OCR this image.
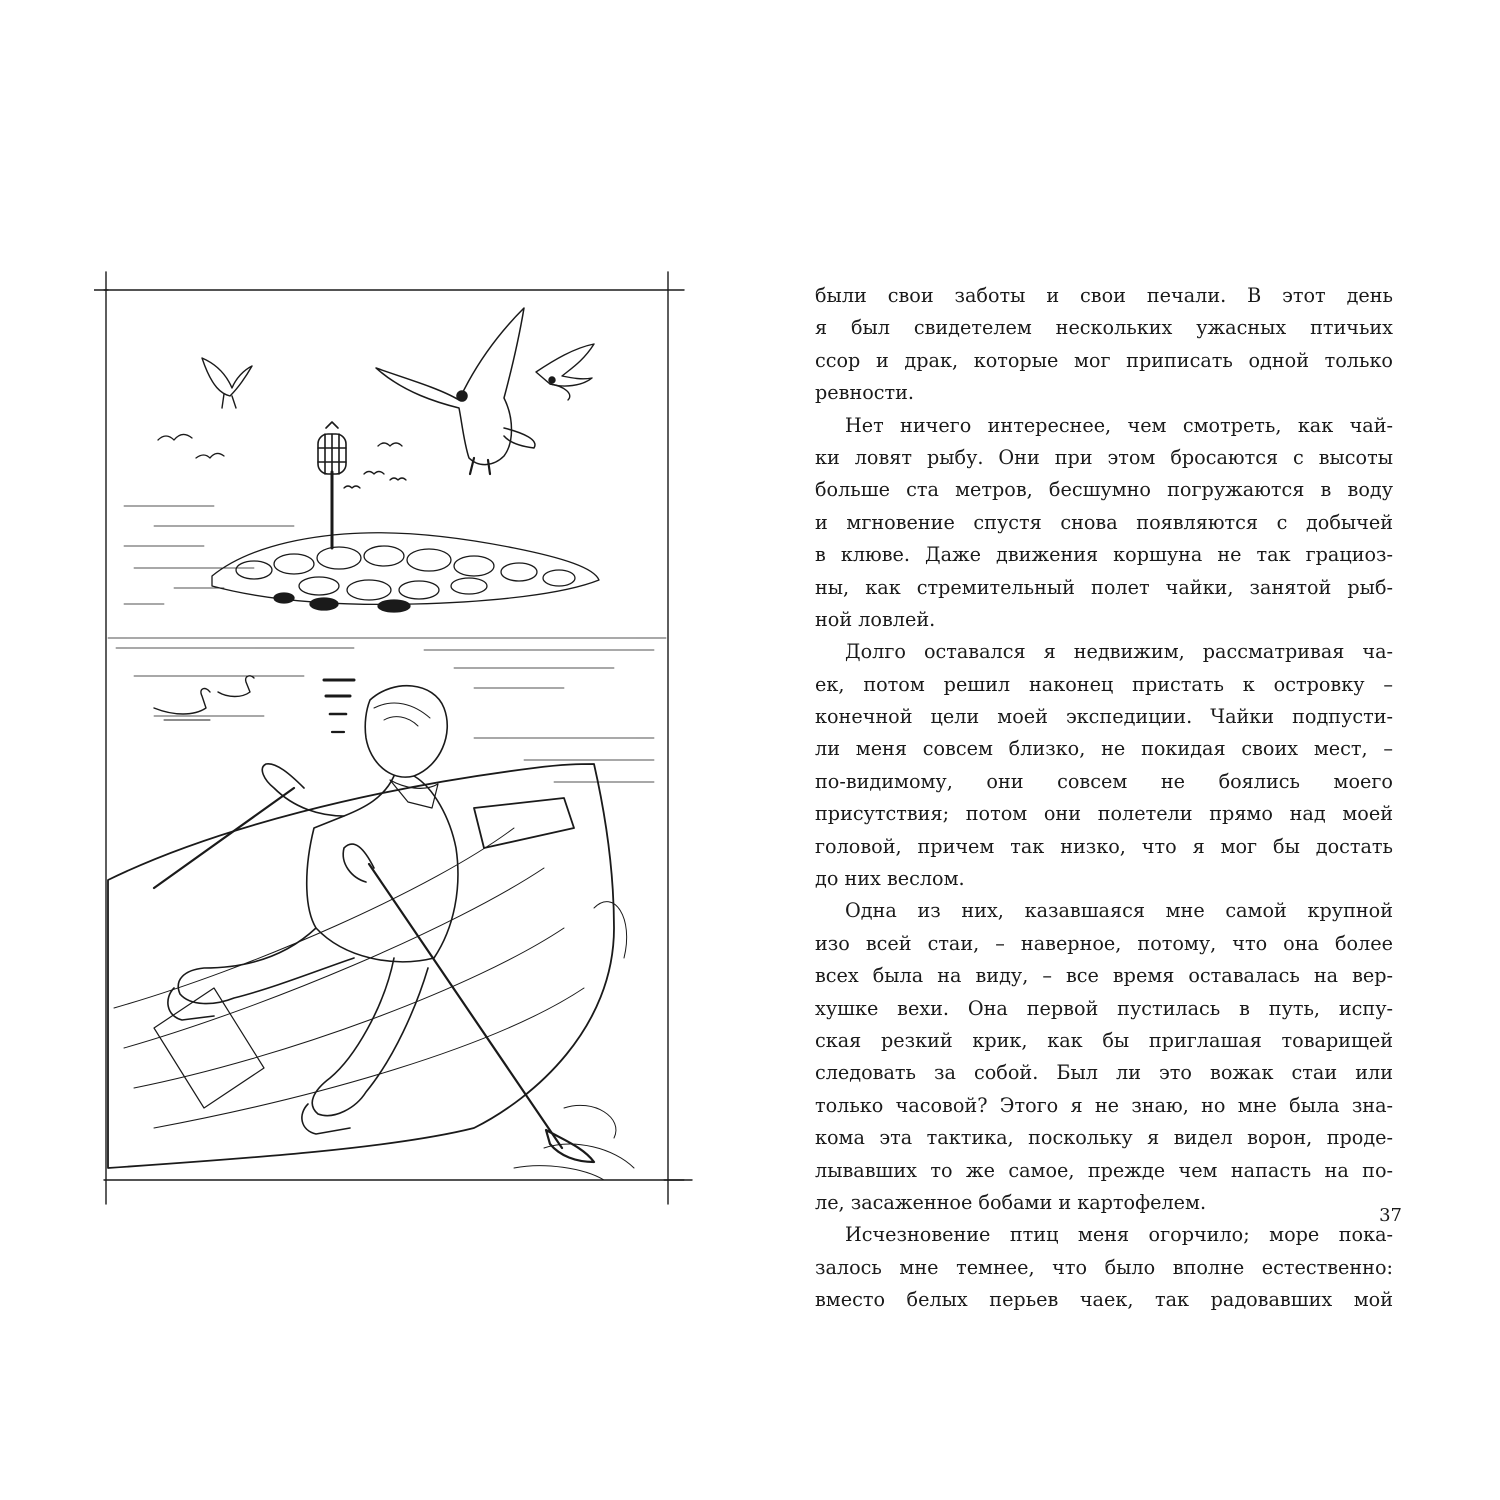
были свои заботы и свои печали. В этот день
я был свидетелем нескольких ужасных птичьих
ссор и драк, которые мог приписать одной только
ревности.
Нет ничего интереснее, чем смотреть, как чай-
ки ловят рыбу. Они при этом бросаются с высоты
больше ста метров, бесшумно погружаются в воду
и мгновение спустя снова появляются с добычей
в клюве. Даже движения коршуна не так грациоз-
ны, как стремительный полет чайки, занятой рыб-
ной ловлей.
Долго оставался я недвижим, рассматривая ча-
ек, потом решил наконец пристать к островку –
конечной цели моей экспедиции. Чайки подпусти-
ли меня совсем близко, не покидая своих мест, –
по-видимому, они совсем не боялись моего
присутствия; потом они полетели прямо над моей
головой, причем так низко, что я мог бы достать
до них веслом.
Одна из них, казавшаяся мне самой крупной
изо всей стаи, – наверное, потому, что она более
всех была на виду, – все время оставалась на вер-
хушке вехи. Она первой пустилась в путь, испу-
ская резкий крик, как бы приглашая товарищей
следовать за собой. Был ли это вожак стаи или
только часовой? Этого я не знаю, но мне была зна-
кома эта тактика, поскольку я видел ворон, проде-
лывавших то же самое, прежде чем напасть на по-
ле, засаженное бобами и картофелем.
Исчезновение птиц меня огорчило; море пока-
залось мне темнее, что было вполне естественно:
вместо белых перьев чаек, так радовавших мой
37
